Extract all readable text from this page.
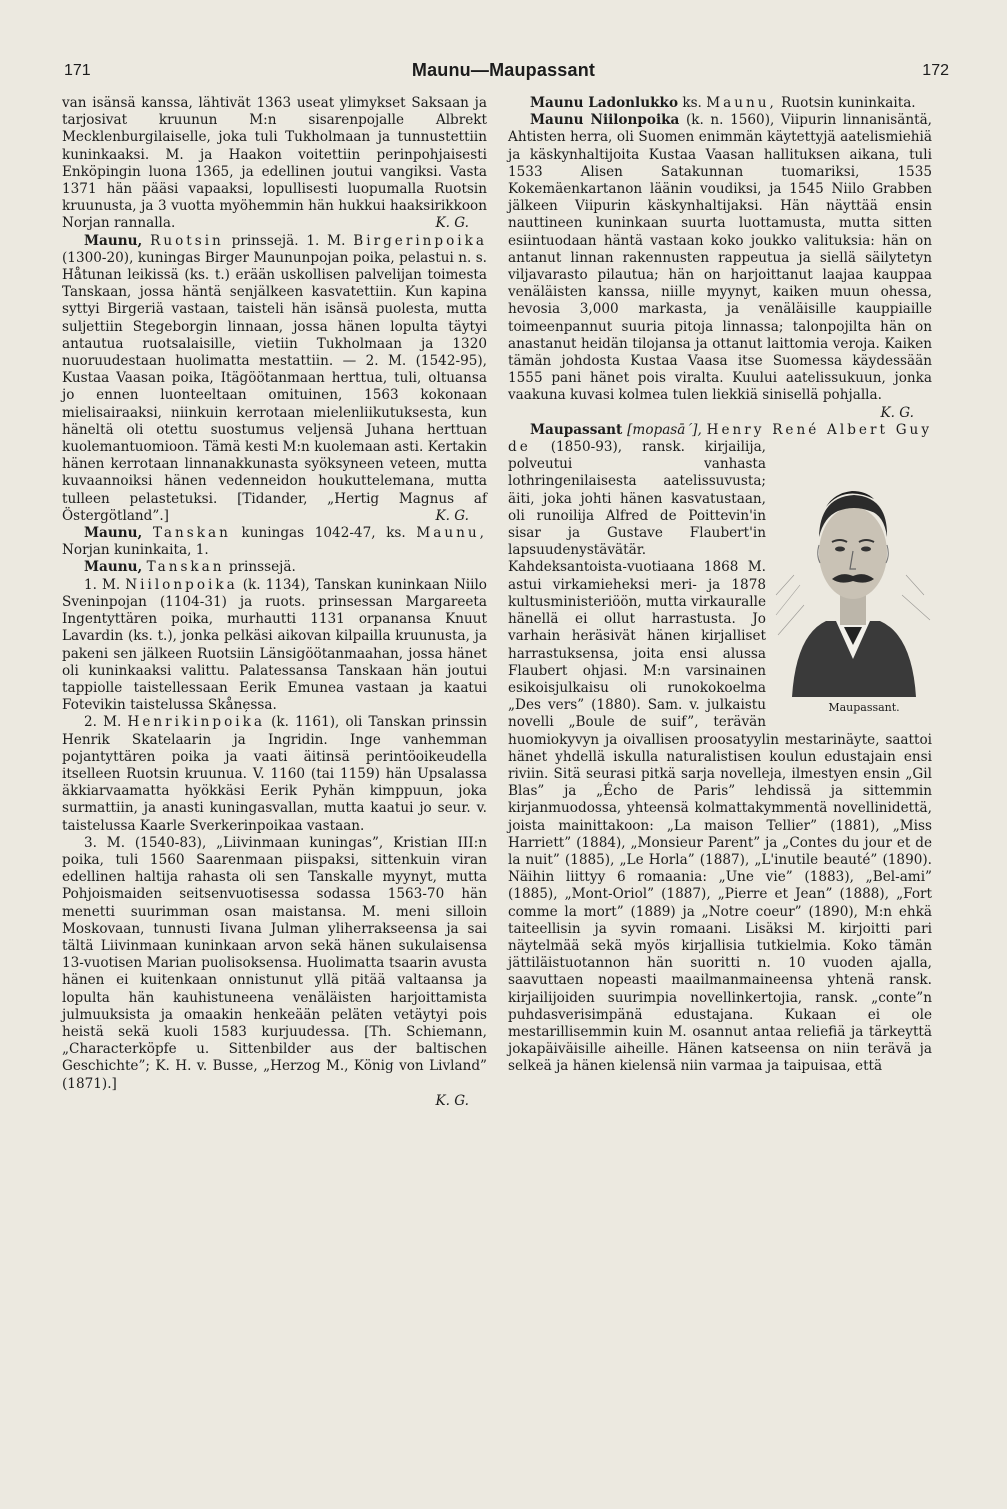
171	Maunu—Maupassant	172

van isänsä kanssa, lähtivät 1363 useat ylimykset Saksaan ja tarjosivat kruunun M:n sisarenpojalle Albrekt Mecklenburgilaiselle, joka tuli Tukholmaan ja tunnustettiin kuninkaaksi. M. ja Haakon voitettiin perinpohjaisesti Enköpingin luona 1365, ja edellinen joutui vangiksi. Vasta 1371 hän pääsi vapaaksi, lopullisesti luopumalla Ruotsin kruunusta, ja 3 vuotta myöhemmin hän hukkui haaksirikkoon Norjan rannalla.	K. G.

Maunu, Ruotsin prinssejä. 1. M. Birgerinpoika (1300-20), kuningas Birger Maununpojan poika, pelastui n. s. Håtunan leikissä (ks. t.) erään uskollisen palvelijan toimesta Tanskaan, jossa häntä senjälkeen kasvatettiin. Kun kapina syttyi Birgeriä vastaan, taisteli hän isänsä puolesta, mutta suljettiin Stegeborgin linnaan, jossa hänen lopulta täytyi antautua ruotsalaisille, vietiin Tukholmaan ja 1320 nuoruudestaan huolimatta mestattiin. — 2. M. (1542-95), Kustaa Vaasan poika, Itägöötanmaan herttua, tuli, oltuansa jo ennen luonteeltaan omituinen, 1563 kokonaan mielisairaaksi, niinkuin kerrotaan mielenliikutuksesta, kun häneltä oli otettu suostumus veljensä Juhana herttuan kuolemantuomioon. Tämä kesti M:n kuolemaan asti. Kertakin hänen kerrotaan linnanakkunasta syöksyneen veteen, mutta kuvaannoiksi hänen vedenneidon houkuttelemana, mutta tulleen pelastetuksi. [Tidander, „Hertig Magnus af Östergötland”.]	K. G.

Maunu, Tanskan kuningas 1042-47, ks. Maunu, Norjan kuninkaita, 1.

Maunu, Tanskan prinssejä.

1. M. Niilonpoika (k. 1134), Tanskan kuninkaan Niilo Sveninpojan (1104-31) ja ruots. prinsessan Margareeta Ingentyttären poika, murhautti 1131 orpanansa Knuut Lavardin (ks. t.), jonka pelkäsi aikovan kilpailla kruunusta, ja pakeni sen jälkeen Ruotsiin Länsigöötanmaahan, jossa hänet oli kuninkaaksi valittu. Palatessansa Tanskaan hän joutui tappiolle taistellessaan Eerik Emunea vastaan ja kaatui Fotevikin taistelussa Skåne̦ssa.

2. M. Henrikinpoika (k. 1161), oli Tanskan prinssin Henrik Skatelaarin ja Ingridin. Inge vanhemman pojantyttären poika ja vaati äitinsä perintöoikeudella itselleen Ruotsin kruunua. V. 1160 (tai 1159) hän Upsalassa äkkiarvaamatta hyökkäsi Eerik Pyhän kimppuun, joka surmattiin, ja anasti kuningasvallan, mutta kaatui jo seur. v. taistelussa Kaarle Sverkerinpoikaa vastaan.

3. M. (1540-83), „Liivinmaan kuningas”, Kristian III:n poika, tuli 1560 Saarenmaan piispaksi, sittenkuin viran edellinen haltija rahasta oli sen Tanskalle myynyt, mutta Pohjoismaiden seitsenvuotisessa sodassa 1563-70 hän menetti suurimman osan maistansa. M. meni silloin Moskovaan, tunnusti Iivana Julman yliherrakseensa ja sai tältä Liivinmaan kuninkaan arvon sekä hänen sukulaisensa 13-vuotisen Marian puolisoksensa. Huolimatta tsaarin avusta hänen ei kuitenkaan onnistunut yllä pitää valtaansa ja lopulta hän kauhistuneena venäläisten harjoittamista julmuuksista ja omaakin henkeään peläten vetäytyi pois heistä sekä kuoli 1583 kurjuudessa. [Th. Schiemann, „Characterköpfe u. Sittenbilder aus der baltischen Geschichte”; K. H. v. Busse, „Herzog M., König von Livland” (1871).]

K. G.

Maunu Ladonlukko ks. Maunu, Ruotsin kuninkaita.

Maunu Niilonpoika (k. n. 1560), Viipurin linnanisäntä, Ahtisten herra, oli Suomen enimmän käytettyjä aatelismiehiä ja käskynhaltijoita Kustaa Vaasan hallituksen aikana, tuli 1533 Alisen Satakunnan tuomariksi, 1535 Kokemäenkartanon läänin voudiksi, ja 1545 Niilo Grabben jälkeen Viipurin käskynhaltijaksi. Hän näyttää ensin nauttineen kuninkaan suurta luottamusta, mutta sitten esiintuodaan häntä vastaan koko joukko valituksia: hän on antanut linnan rakennusten rappeutua ja siellä säilytetyn viljavarasto pilautua; hän on harjoittanut laajaa kauppaa venäläisten kanssa, niille myynyt, kaiken muun ohessa, hevosia 3,000 markasta, ja venäläisille kauppiaille toimeenpannut suuria pitoja linnassa; talonpojilta hän on anastanut heidän tilojansa ja ottanut laittomia veroja. Kaiken tämän johdosta Kustaa Vaasa itse Suomessa käydessään 1555 pani hänet pois viralta. Kuului aatelissukuun, jonka vaakuna kuvasi kolmea tulen liekkiä sinisellä pohjalla.
K. G.

Maupassant [mopasā´], Henry René Albert Guy de
Maupassant.
(1850-93), ransk. kirjailija, polveutui vanhasta lothringenilaisesta aatelissuvusta; äiti, joka johti hänen kasvatustaan, oli runoilija Alfred de Poittevin'in sisar ja Gustave Flaubert'in lapsuudenystävätär. Kahdeksantoista-vuotiaana 1868 M. astui virkamieheksi meri- ja 1878 kultusministeriöön, mutta virkauralle hänellä ei ollut harrastusta. Jo varhain heräsivät hänen kirjalliset harrastuksensa, joita ensi alussa Flaubert ohjasi. M:n varsinainen esikoisjulkaisu oli runokokoelma „Des vers” (1880). Sam. v. julkaistu novelli „Boule de suif”, terävän huomiokyvyn ja oivallisen proosatyylin mestarinäyte, saattoi hänet yhdellä iskulla naturalistisen koulun edustajain ensi riviin. Sitä seurasi pitkä sarja novelleja, ilmestyen ensin „Gil Blas” ja „Écho de Paris” lehdissä ja sittemmin kirjanmuodossa, yhteensä kolmattakymmentä novellinidettä, joista mainittakoon: „La maison Tellier” (1881), „Miss Harriett” (1884), „Monsieur Parent” ja „Contes du jour et de la nuit” (1885), „Le Horla” (1887), „L'inutile beauté” (1890). Näihin liittyy 6 romaania: „Une vie” (1883), „Bel-ami” (1885), „Mont-Oriol” (1887), „Pierre et Jean” (1888), „Fort comme la mort” (1889) ja „Notre coeur” (1890), M:n ehkä taiteellisin ja syvin romaani. Lisäksi M. kirjoitti pari näytelmää sekä myös kirjallisia tutkielmia. Koko tämän jättiläistuotannon hän suoritti n. 10 vuoden ajalla, saavuttaen nopeasti maailmanmaineensa yhtenä ransk. kirjailijoiden suurimpia novellinkertojia, ransk. „conte”n puhdasverisimpänä edustajana. Kukaan ei ole mestarillisemmin kuin M. osannut antaa reliefiä ja tärkeyttä jokapäiväisille aiheille. Hänen katseensa on niin terävä ja selkeä ja hänen kielensä niin varmaa ja taipuisaa, että
